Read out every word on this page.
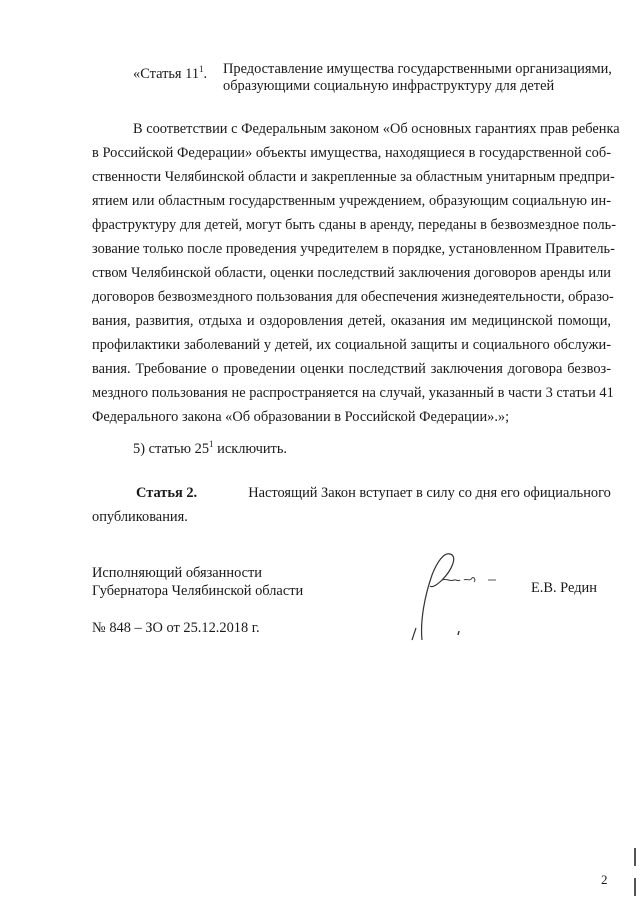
«Статья $11^1$. Предоставление имущества государственными организациями,
образующими социальную инфраструктуру для детей
В соответствии с Федеральным законом «Об основных гарантиях прав ребенка
в Российской Федерации» объекты имущества, находящиеся в государственной соб-
ственности Челябинской области и закрепленные за областным унитарным предпри-
ятием или областным государственным учреждением, образующим социальную ин-
фраструктуру для детей, могут быть сданы в аренду, переданы в безвозмездное поль-
зование только после проведения учредителем в порядке, установленном Правитель-
ством Челябинской области, оценки последствий заключения договоров аренды или
договоров безвозмездного пользования для обеспечения жизнедеятельности, образо-
вания, развития, отдыха и оздоровления детей, оказания им медицинской помощи,
профилактики заболеваний у детей, их социальной защиты и социального обслужи-
вания. Требование о проведении оценки последствий заключения договора безвоз-
мездного пользования не распространяется на случай, указанный в части 3 статьи 41
Федерального закона «Об образовании в Российской Федерации».»;
5) статью $25^1$ исключить.
Статья 2.	Настоящий Закон вступает в силу со дня его официального
опубликования.
Исполняющий обязанности
Губернатора Челябинской области	Е.В. Редин
№ 848 – ЗО от 25.12.2018 г.
2
